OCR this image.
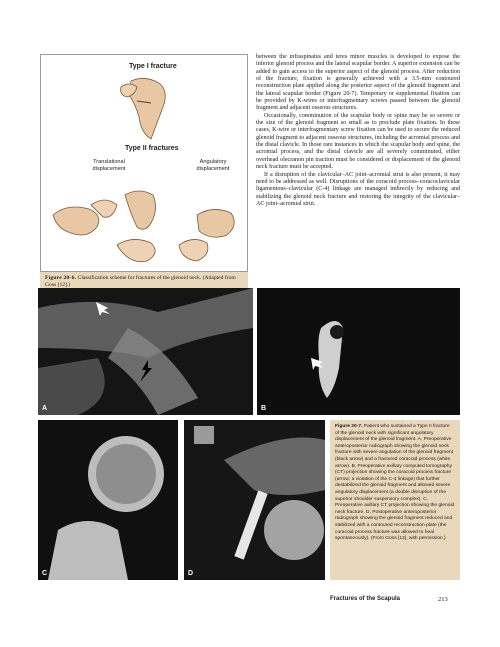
Type I fracture
Type II fractures
Translational displacement
Angulatory displacement
Figure 20-6. Classification scheme for fractures of the glenoid neck. (Adapted from Goss [12].)

between the infraspinatus and teres minor muscles is developed to expose the inferior glenoid process and the lateral scapular border. A superior extension can be added to gain access to the superior aspect of the glenoid process. After reduction of the fracture, fixation is generally achieved with a 3.5-mm contoured reconstruction plate applied along the posterior aspect of the glenoid fragment and the lateral scapular border (Figure 20-7). Temporary or supplemental fixation can be provided by K-wires or interfragmentary screws passed between the glenoid fragment and adjacent osseous structures.

Occasionally, comminution of the scapular body or spine may be so severe or the size of the glenoid fragment so small as to preclude plate fixation. In these cases, K-wire or interfragmentary screw fixation can be used to secure the reduced glenoid fragment to adjacent osseous structures, including the acromial process and the distal clavicle. In those rare instances in which the scapular body and spine, the acromial process, and the distal clavicle are all severely comminuted, either overhead olecranon pin traction must be considered or displacement of the glenoid neck fracture must be accepted.

If a disruption of the clavicular–AC joint–acromial strut is also present, it may need to be addressed as well. Disruptions of the coracoid process–coracoclavicular ligamentous–clavicular (C-4) linkage are managed indirectly by reducing and stabilizing the glenoid neck fracture and restoring the integrity of the clavicular–AC joint–acromial strut.

A	B
C	D
Figure 20-7. Patient who sustained a Type II fracture of the glenoid neck with significant angulatory displacement of the glenoid fragment. A, Preoperative anteroposterior radiograph showing the glenoid neck fracture with severe angulation of the glenoid fragment (black arrow) and a fractured coracoid process (white arrow). B, Preoperative axillary computed tomography (CT) projection showing the coracoid process fracture (arrow; a violation of the C-4 linkage) that further destabilized the glenoid fragment and allowed severe angulatory displacement (a double disruption of the superior shoulder suspensory complex). C, Preoperative axillary CT projection showing the glenoid neck fracture. D, Postoperative anteroposterior radiograph showing the glenoid fragment reduced and stabilized with a contoured reconstruction plate (the coracoid process fracture was allowed to heal spontaneously). (From Goss [12], with permission.)
Fractures of the Scapula	213
